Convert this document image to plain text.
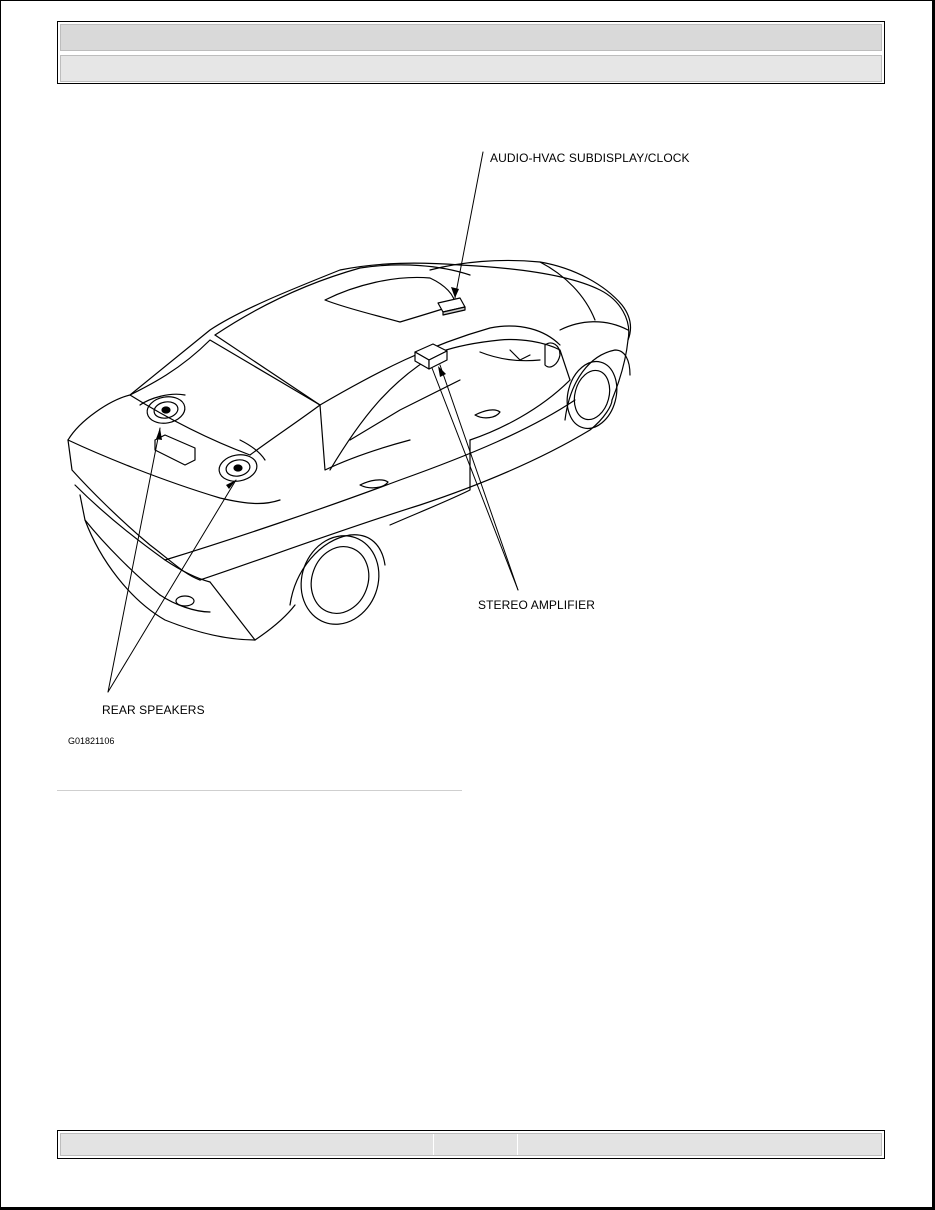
AUDIO-HVAC SUBDISPLAY/CLOCK
STEREO AMPLIFIER
REAR SPEAKERS
G01821106
